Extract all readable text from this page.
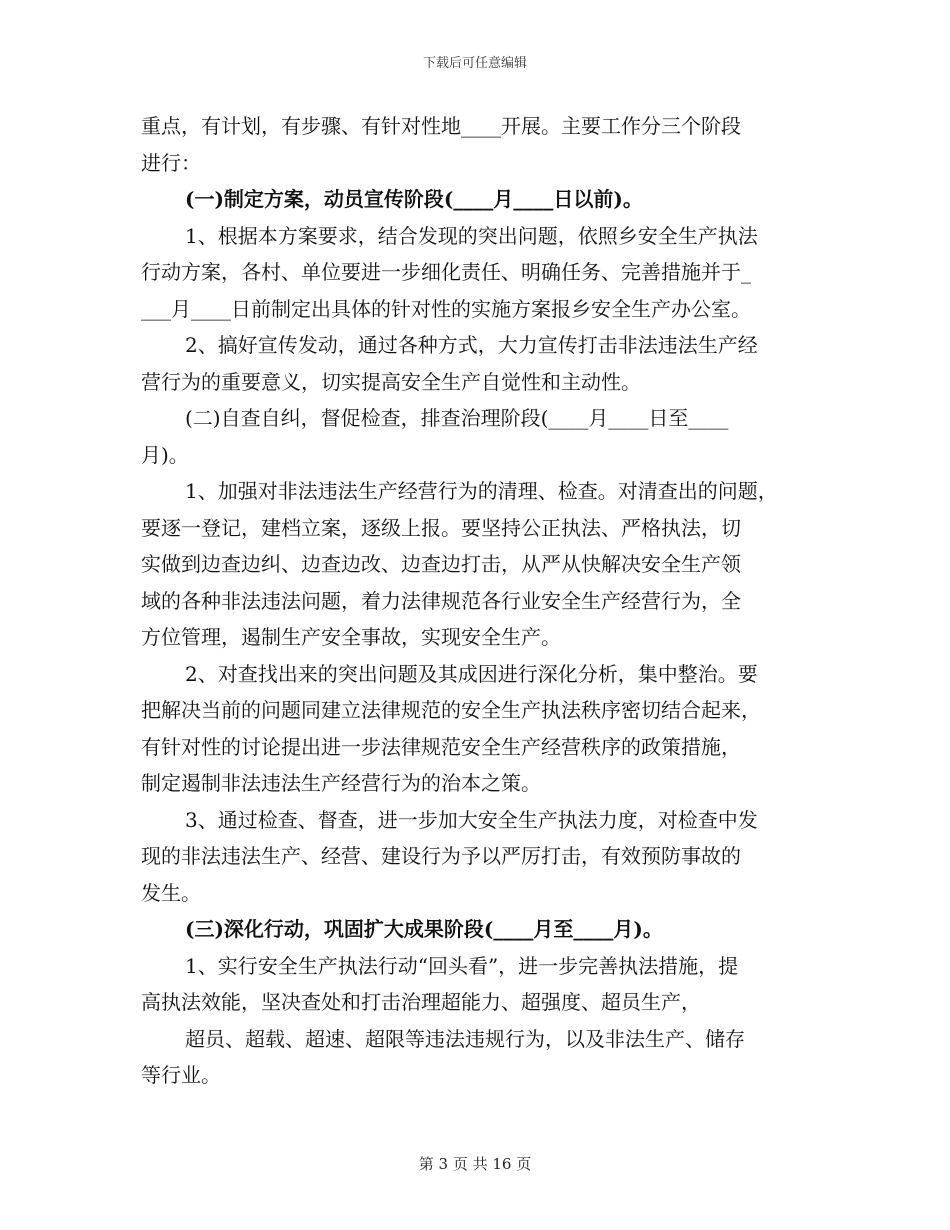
下载后可任意编辑
重点，有计划，有步骤、有针对性地____开展。主要工作分三个阶段
进行：
(一)制定方案，动员宣传阶段(____月____日以前)。
1、根据本方案要求，结合发现的突出问题，依照乡安全生产执法
行动方案，各村、单位要进一步细化责任、明确任务、完善措施并于_
___月____日前制定出具体的针对性的实施方案报乡安全生产办公室。
2、搞好宣传发动，通过各种方式，大力宣传打击非法违法生产经
营行为的重要意义，切实提高安全生产自觉性和主动性。
(二)自查自纠，督促检查，排查治理阶段(____月____日至____
月)。
1、加强对非法违法生产经营行为的清理、检查。对清查出的问题，
要逐一登记，建档立案，逐级上报。要坚持公正执法、严格执法，切
实做到边查边纠、边查边改、边查边打击，从严从快解决安全生产领
域的各种非法违法问题，着力法律规范各行业安全生产经营行为，全
方位管理，遏制生产安全事故，实现安全生产。
2、对查找出来的突出问题及其成因进行深化分析，集中整治。要
把解决当前的问题同建立法律规范的安全生产执法秩序密切结合起来，
有针对性的讨论提出进一步法律规范安全生产经营秩序的政策措施，
制定遏制非法违法生产经营行为的治本之策。
3、通过检查、督查，进一步加大安全生产执法力度，对检查中发
现的非法违法生产、经营、建设行为予以严厉打击，有效预防事故的
发生。
(三)深化行动，巩固扩大成果阶段(____月至____月)。
1、实行安全生产执法行动“回头看”，进一步完善执法措施，提
高执法效能，坚决查处和打击治理超能力、超强度、超员生产，
超员、超载、超速、超限等违法违规行为，以及非法生产、储存
等行业。
第 3 页 共 16 页
